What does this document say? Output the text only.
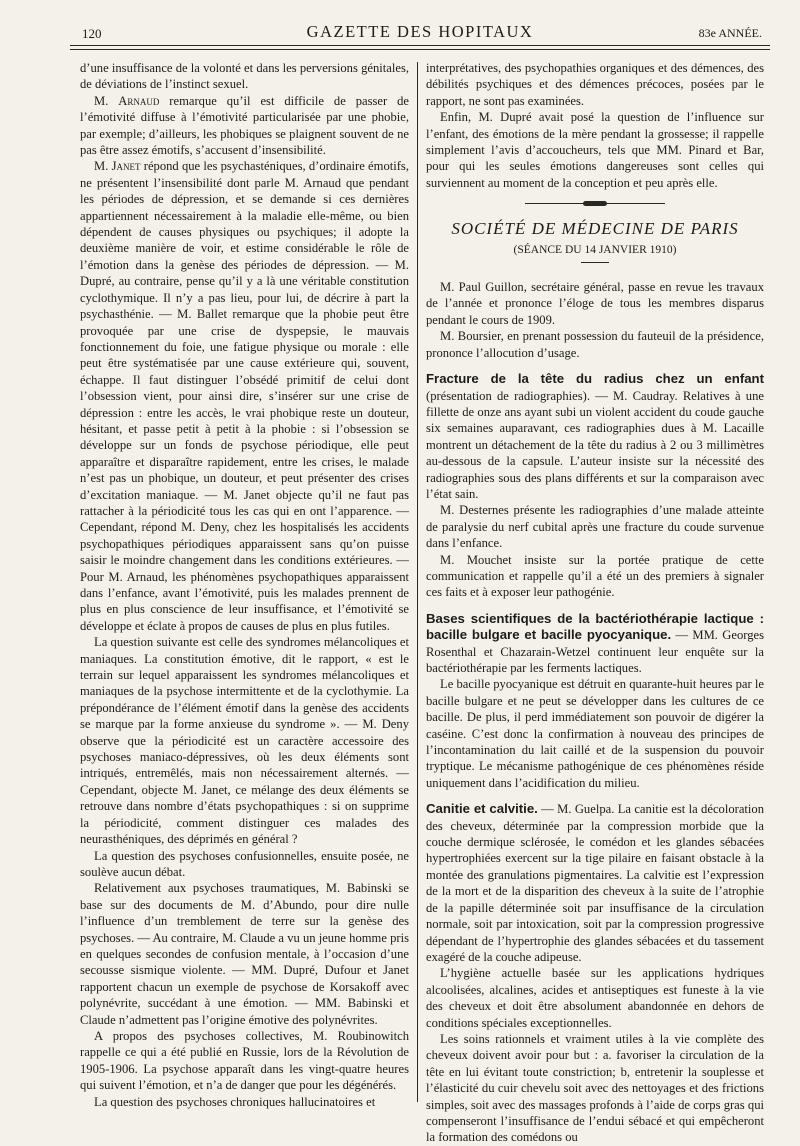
120	GAZETTE DES HOPITAUX	83e ANNÉE.

d’une insuffisance de la volonté et dans les perversions génitales, de déviations de l’instinct sexuel.

M. Arnaud remarque qu’il est difficile de passer de l’émotivité diffuse à l’émotivité particularisée par une phobie, par exemple; d’ailleurs, les phobiques se plaignent souvent de ne pas être assez émotifs, s’accusent d’insensibilité.

M. Janet répond que les psychasténiques, d’ordinaire émotifs, ne présentent l’insensibilité dont parle M. Arnaud que pendant les périodes de dépression, et se demande si ces dernières appartiennent nécessairement à la maladie elle-même, ou bien dépendent de causes physiques ou psychiques; il adopte la deuxième manière de voir, et estime considérable le rôle de l’émotion dans la genèse des périodes de dépression. — M. Dupré, au contraire, pense qu’il y a là une véritable constitution cyclothymique. Il n’y a pas lieu, pour lui, de décrire à part la psychasthénie. — M. Ballet remarque que la phobie peut être provoquée par une crise de dyspepsie, le mauvais fonctionnement du foie, une fatigue physique ou morale : elle peut être systématisée par une cause extérieure qui, souvent, échappe. Il faut distinguer l’obsédé primitif de celui dont l’obsession vient, pour ainsi dire, s’insérer sur une crise de dépression : entre les accès, le vrai phobique reste un douteur, hésitant, et passe petit à petit à la phobie : si l’obsession se développe sur un fonds de psychose périodique, elle peut apparaître et disparaître rapidement, entre les crises, le malade n’est pas un phobique, un douteur, et peut présenter des crises d’excitation maniaque. — M. Janet objecte qu’il ne faut pas rattacher à la périodicité tous les cas qui en ont l’apparence. — Cependant, répond M. Deny, chez les hospitalisés les accidents psychopathiques périodiques apparaissent sans qu’on puisse saisir le moindre changement dans les conditions extérieures. — Pour M. Arnaud, les phénomènes psychopathiques apparaissent dans l’enfance, avant l’émotivité, puis les malades prennent de plus en plus conscience de leur insuffisance, et l’émotivité se développe et éclate à propos de causes de plus en plus futiles.

La question suivante est celle des syndromes mélancoliques et maniaques. La constitution émotive, dit le rapport, « est le terrain sur lequel apparaissent les syndromes mélancoliques et maniaques de la psychose intermittente et de la cyclothymie. La prépondérance de l’élément émotif dans la genèse des accidents se marque par la forme anxieuse du syndrome ». — M. Deny observe que la périodicité est un caractère accessoire des psychoses maniaco-dépressives, où les deux éléments sont intriqués, entremêlés, mais non nécessairement alternés. — Cependant, objecte M. Janet, ce mélange des deux éléments se retrouve dans nombre d’états psychopathiques : si on supprime la périodicité, comment distinguer ces malades des neurasthéniques, des déprimés en général ?

La question des psychoses confusionnelles, ensuite posée, ne soulève aucun débat.

Relativement aux psychoses traumatiques, M. Babinski se base sur des documents de M. d’Abundo, pour dire nulle l’influence d’un tremblement de terre sur la genèse des psychoses. — Au contraire, M. Claude a vu un jeune homme pris en quelques secondes de confusion mentale, à l’occasion d’une secousse sismique violente. — MM. Dupré, Dufour et Janet rapportent chacun un exemple de psychose de Korsakoff avec polynévrite, succédant à une émotion. — MM. Babinski et Claude n’admettent pas l’origine émotive des polynévrites.

A propos des psychoses collectives, M. Roubinowitch rappelle ce qui a été publié en Russie, lors de la Révolution de 1905-1906. La psychose apparaît dans les vingt-quatre heures qui suivent l’émotion, et n’a de danger que pour les dégénérés.

La question des psychoses chroniques hallucinatoires et

interprétatives, des psychopathies organiques et des démences, des débilités psychiques et des démences précoces, posées par le rapport, ne sont pas examinées.

Enfin, M. Dupré avait posé la question de l’influence sur l’enfant, des émotions de la mère pendant la grossesse; il rappelle simplement l’avis d’accoucheurs, tels que MM. Pinard et Bar, pour qui les seules émotions dangereuses sont celles qui surviennent au moment de la conception et peu après elle.

SOCIÉTÉ DE MÉDECINE DE PARIS
(SÉANCE DU 14 JANVIER 1910)

M. Paul Guillon, secrétaire général, passe en revue les travaux de l’année et prononce l’éloge de tous les membres disparus pendant le cours de 1909.

M. Boursier, en prenant possession du fauteuil de la présidence, prononce l’allocution d’usage.

Fracture de la tête du radius chez un enfant (présentation de radiographies). — M. Caudray. Relatives à une fillette de onze ans ayant subi un violent accident du coude gauche six semaines auparavant, ces radiographies dues à M. Lacaille montrent un détachement de la tête du radius à 2 ou 3 millimètres au-dessous de la capsule. L’auteur insiste sur la nécessité des radiographies sous des plans différents et sur la comparaison avec l’état sain.

M. Desternes présente les radiographies d’une malade atteinte de paralysie du nerf cubital après une fracture du coude survenue dans l’enfance.

M. Mouchet insiste sur la portée pratique de cette communication et rappelle qu’il a été un des premiers à signaler ces faits et à exposer leur pathogénie.

Bases scientifiques de la bactériothérapie lactique : bacille bulgare et bacille pyocyanique. — MM. Georges Rosenthal et Chazarain-Wetzel continuent leur enquête sur la bactériothérapie par les ferments lactiques.

Le bacille pyocyanique est détruit en quarante-huit heures par le bacille bulgare et ne peut se développer dans les cultures de ce bacille. De plus, il perd immédiatement son pouvoir de digérer la caséine. C’est donc la confirmation à nouveau des principes de l’incontamination du lait caillé et de la suspension du pouvoir tryptique. Le mécanisme pathogénique de ces phénomènes réside uniquement dans l’acidification du milieu.

Canitie et calvitie. — M. Guelpa. La canitie est la décoloration des cheveux, déterminée par la compression morbide que la couche dermique sclérosée, le comédon et les glandes sébacées hypertrophiées exercent sur la tige pilaire en faisant obstacle à la montée des granulations pigmentaires. La calvitie est l’expression de la mort et de la disparition des cheveux à la suite de l’atrophie de la papille déterminée soit par insuffisance de la circulation normale, soit par intoxication, soit par la compression progressive dépendant de l’hypertrophie des glandes sébacées et du tassement exagéré de la couche adipeuse.

L’hygiène actuelle basée sur les applications hydriques alcoolisées, alcalines, acides et antiseptiques est funeste à la vie des cheveux et doit être absolument abandonnée en dehors de conditions spéciales exceptionnelles.

Les soins rationnels et vraiment utiles à la vie complète des cheveux doivent avoir pour but : a. favoriser la circulation de la tête en lui évitant toute constriction; b, entretenir la souplesse et l’élasticité du cuir chevelu soit avec des nettoyages et des frictions simples, soit avec des massages profonds à l’aide de corps gras qui compenseront l’insuffisance de l’endui sébacé et qui empêcheront la formation des comédons ou
